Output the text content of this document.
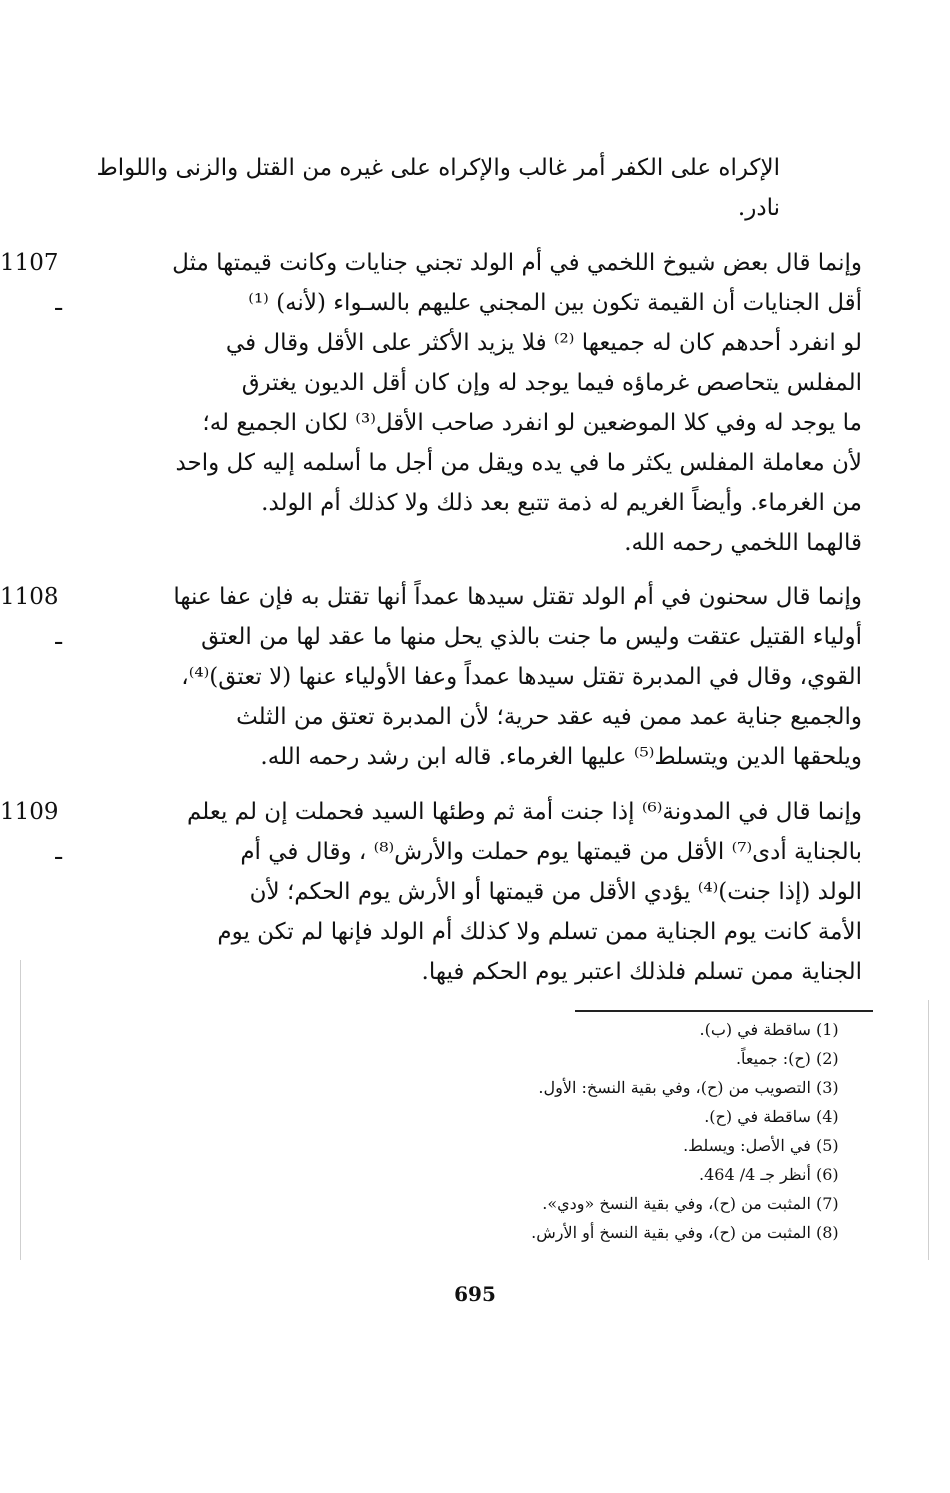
الإكراه على الكفر أمر غالب والإكراه على غيره من القتل والزنى واللواط
نادر.
1107 ـ
وإنما قال بعض شيوخ اللخمي في أم الولد تجني جنايات وكانت قيمتها مثل
أقل الجنايات أن القيمة تكون بين المجني عليهم بالسـواء (لأنه) ⁽¹⁾
لو انفرد أحدهم كان له جميعها ⁽²⁾ فلا يزيد الأكثر على الأقل وقال في
المفلس يتحاصص غرماؤه فيما يوجد له وإن كان أقل الديون يغترق
ما يوجد له وفي كلا الموضعين لو انفرد صاحب الأقل⁽³⁾ لكان الجميع له؛
لأن معاملة المفلس يكثر ما في يده ويقل من أجل ما أسلمه إليه كل واحد
من الغرماء. وأيضاً الغريم له ذمة تتبع بعد ذلك ولا كذلك أم الولد.
قالهما اللخمي رحمه الله.
1108 ـ
وإنما قال سحنون في أم الولد تقتل سيدها عمداً أنها تقتل به فإن عفا عنها
أولياء القتيل عتقت وليس ما جنت بالذي يحل منها ما عقد لها من العتق
القوي، وقال في المدبرة تقتل سيدها عمداً وعفا الأولياء عنها (لا تعتق)⁽⁴⁾،
والجميع جناية عمد ممن فيه عقد حرية؛ لأن المدبرة تعتق من الثلث
ويلحقها الدين ويتسلط⁽⁵⁾ عليها الغرماء. قاله ابن رشد رحمه الله.
1109 ـ
وإنما قال في المدونة⁽⁶⁾ إذا جنت أمة ثم وطئها السيد فحملت إن لم يعلم
بالجناية أدى⁽⁷⁾ الأقل من قيمتها يوم حملت والأرش⁽⁸⁾ ، وقال في أم
الولد (إذا جنت)⁽⁴⁾ يؤدي الأقل من قيمتها أو الأرش يوم الحكم؛ لأن
الأمة كانت يوم الجناية ممن تسلم ولا كذلك أم الولد فإنها لم تكن يوم
الجناية ممن تسلم فلذلك اعتبر يوم الحكم فيها.
(1) ساقطة في (ب).
(2) (ح): جميعاً.
(3) التصويب من (ح)، وفي بقية النسخ: الأول.
(4) ساقطة في (ح).
(5) في الأصل: ويسلط.
(6) أنظر جـ 4/ 464.
(7) المثبت من (ح)، وفي بقية النسخ «ودي».
(8) المثبت من (ح)، وفي بقية النسخ أو الأرش.
695
